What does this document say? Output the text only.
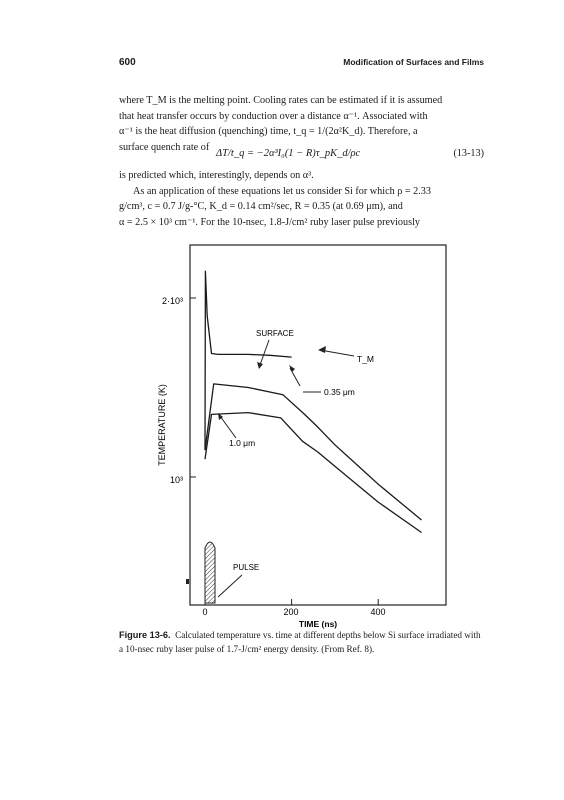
600	Modification of Surfaces and Films
where T_M is the melting point. Cooling rates can be estimated if it is assumed
that heat transfer occurs by conduction over a distance α⁻¹. Associated with
α⁻¹ is the heat diffusion (quenching) time, t_q = 1/(2α²K_d). Therefore, a
surface quench rate of
ΔT/t_q = −2α³I₀(1 − R)τ_pK_d/ρc	(13-13)
is predicted which, interestingly, depends on α³.
As an application of these equations let us consider Si for which ρ = 2.33
g/cm³, c = 0.7 J/g-°C, K_d = 0.14 cm²/sec, R = 0.35 (at 0.69 μm), and
α = 2.5 × 10³ cm⁻¹. For the 10-nsec, 1.8-J/cm² ruby laser pulse previously
TEMPERATURE (K)
2·10³
10³
0	200	400
TIME (ns)
SURFACE
T_M
0.35 μm
1.0 μm
PULSE
Figure 13-6. Calculated temperature vs. time at different depths below Si surface irradiated with a 10-nsec ruby laser pulse of 1.7-J/cm² energy density. (From Ref. 8).
